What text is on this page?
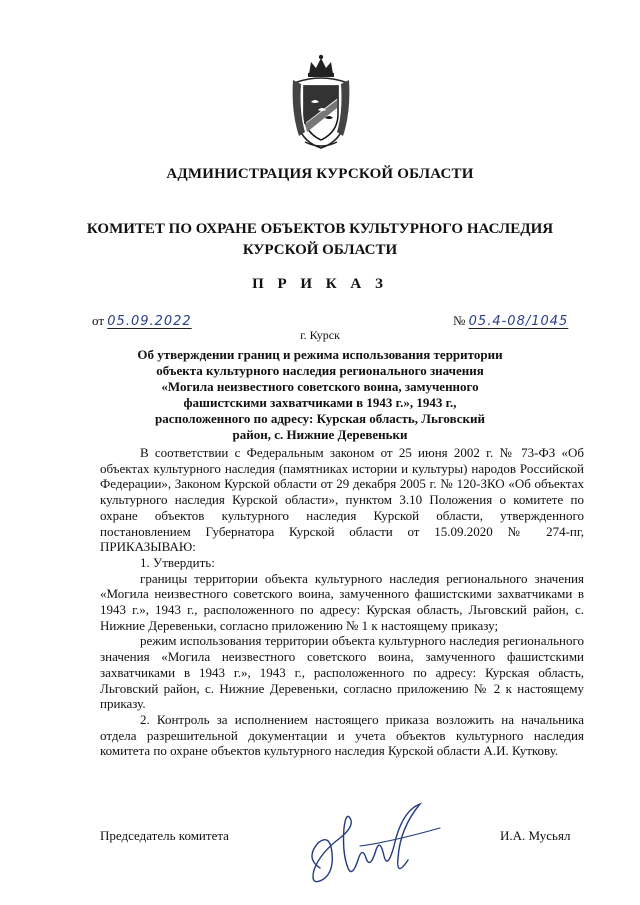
АДМИНИСТРАЦИЯ КУРСКОЙ ОБЛАСТИ
КОМИТЕТ ПО ОХРАНЕ ОБЪЕКТОВ КУЛЬТУРНОГО НАСЛЕДИЯ
КУРСКОЙ ОБЛАСТИ
П Р И К А З
от 05.09.2022	№ 05.4-08/1045
г. Курск
Об утверждении границ и режима использования территории объекта культурного наследия регионального значения «Могила неизвестного советского воина, замученного фашистскими захватчиками в 1943 г.», 1943 г., расположенного по адресу: Курская область, Льговский район, с. Нижние Деревеньки

В соответствии с Федеральным законом от 25 июня 2002 г. № 73-ФЗ «Об объектах культурного наследия (памятниках истории и культуры) народов Российской Федерации», Законом Курской области от 29 декабря 2005 г. № 120-ЗКО «Об объектах культурного наследия Курской области», пунктом 3.10 Положения о комитете по охране объектов культурного наследия Курской области, утвержденного постановлением Губернатора Курской области от 15.09.2020 № 274-пг, ПРИКАЗЫВАЮ:

1. Утвердить:

границы территории объекта культурного наследия регионального значения «Могила неизвестного советского воина, замученного фашистскими захватчиками в 1943 г.», 1943 г., расположенного по адресу: Курская область, Льговский район, с. Нижние Деревеньки, согласно приложению № 1 к настоящему приказу;

режим использования территории объекта культурного наследия регионального значения «Могила неизвестного советского воина, замученного фашистскими захватчиками в 1943 г.», 1943 г., расположенного по адресу: Курская область, Льговский район, с. Нижние Деревеньки, согласно приложению № 2 к настоящему приказу.

2. Контроль за исполнением настоящего приказа возложить на начальника отдела разрешительной документации и учета объектов культурного наследия комитета по охране объектов культурного наследия Курской области А.И. Куткову.

Председатель комитета	И.А. Мусьял
